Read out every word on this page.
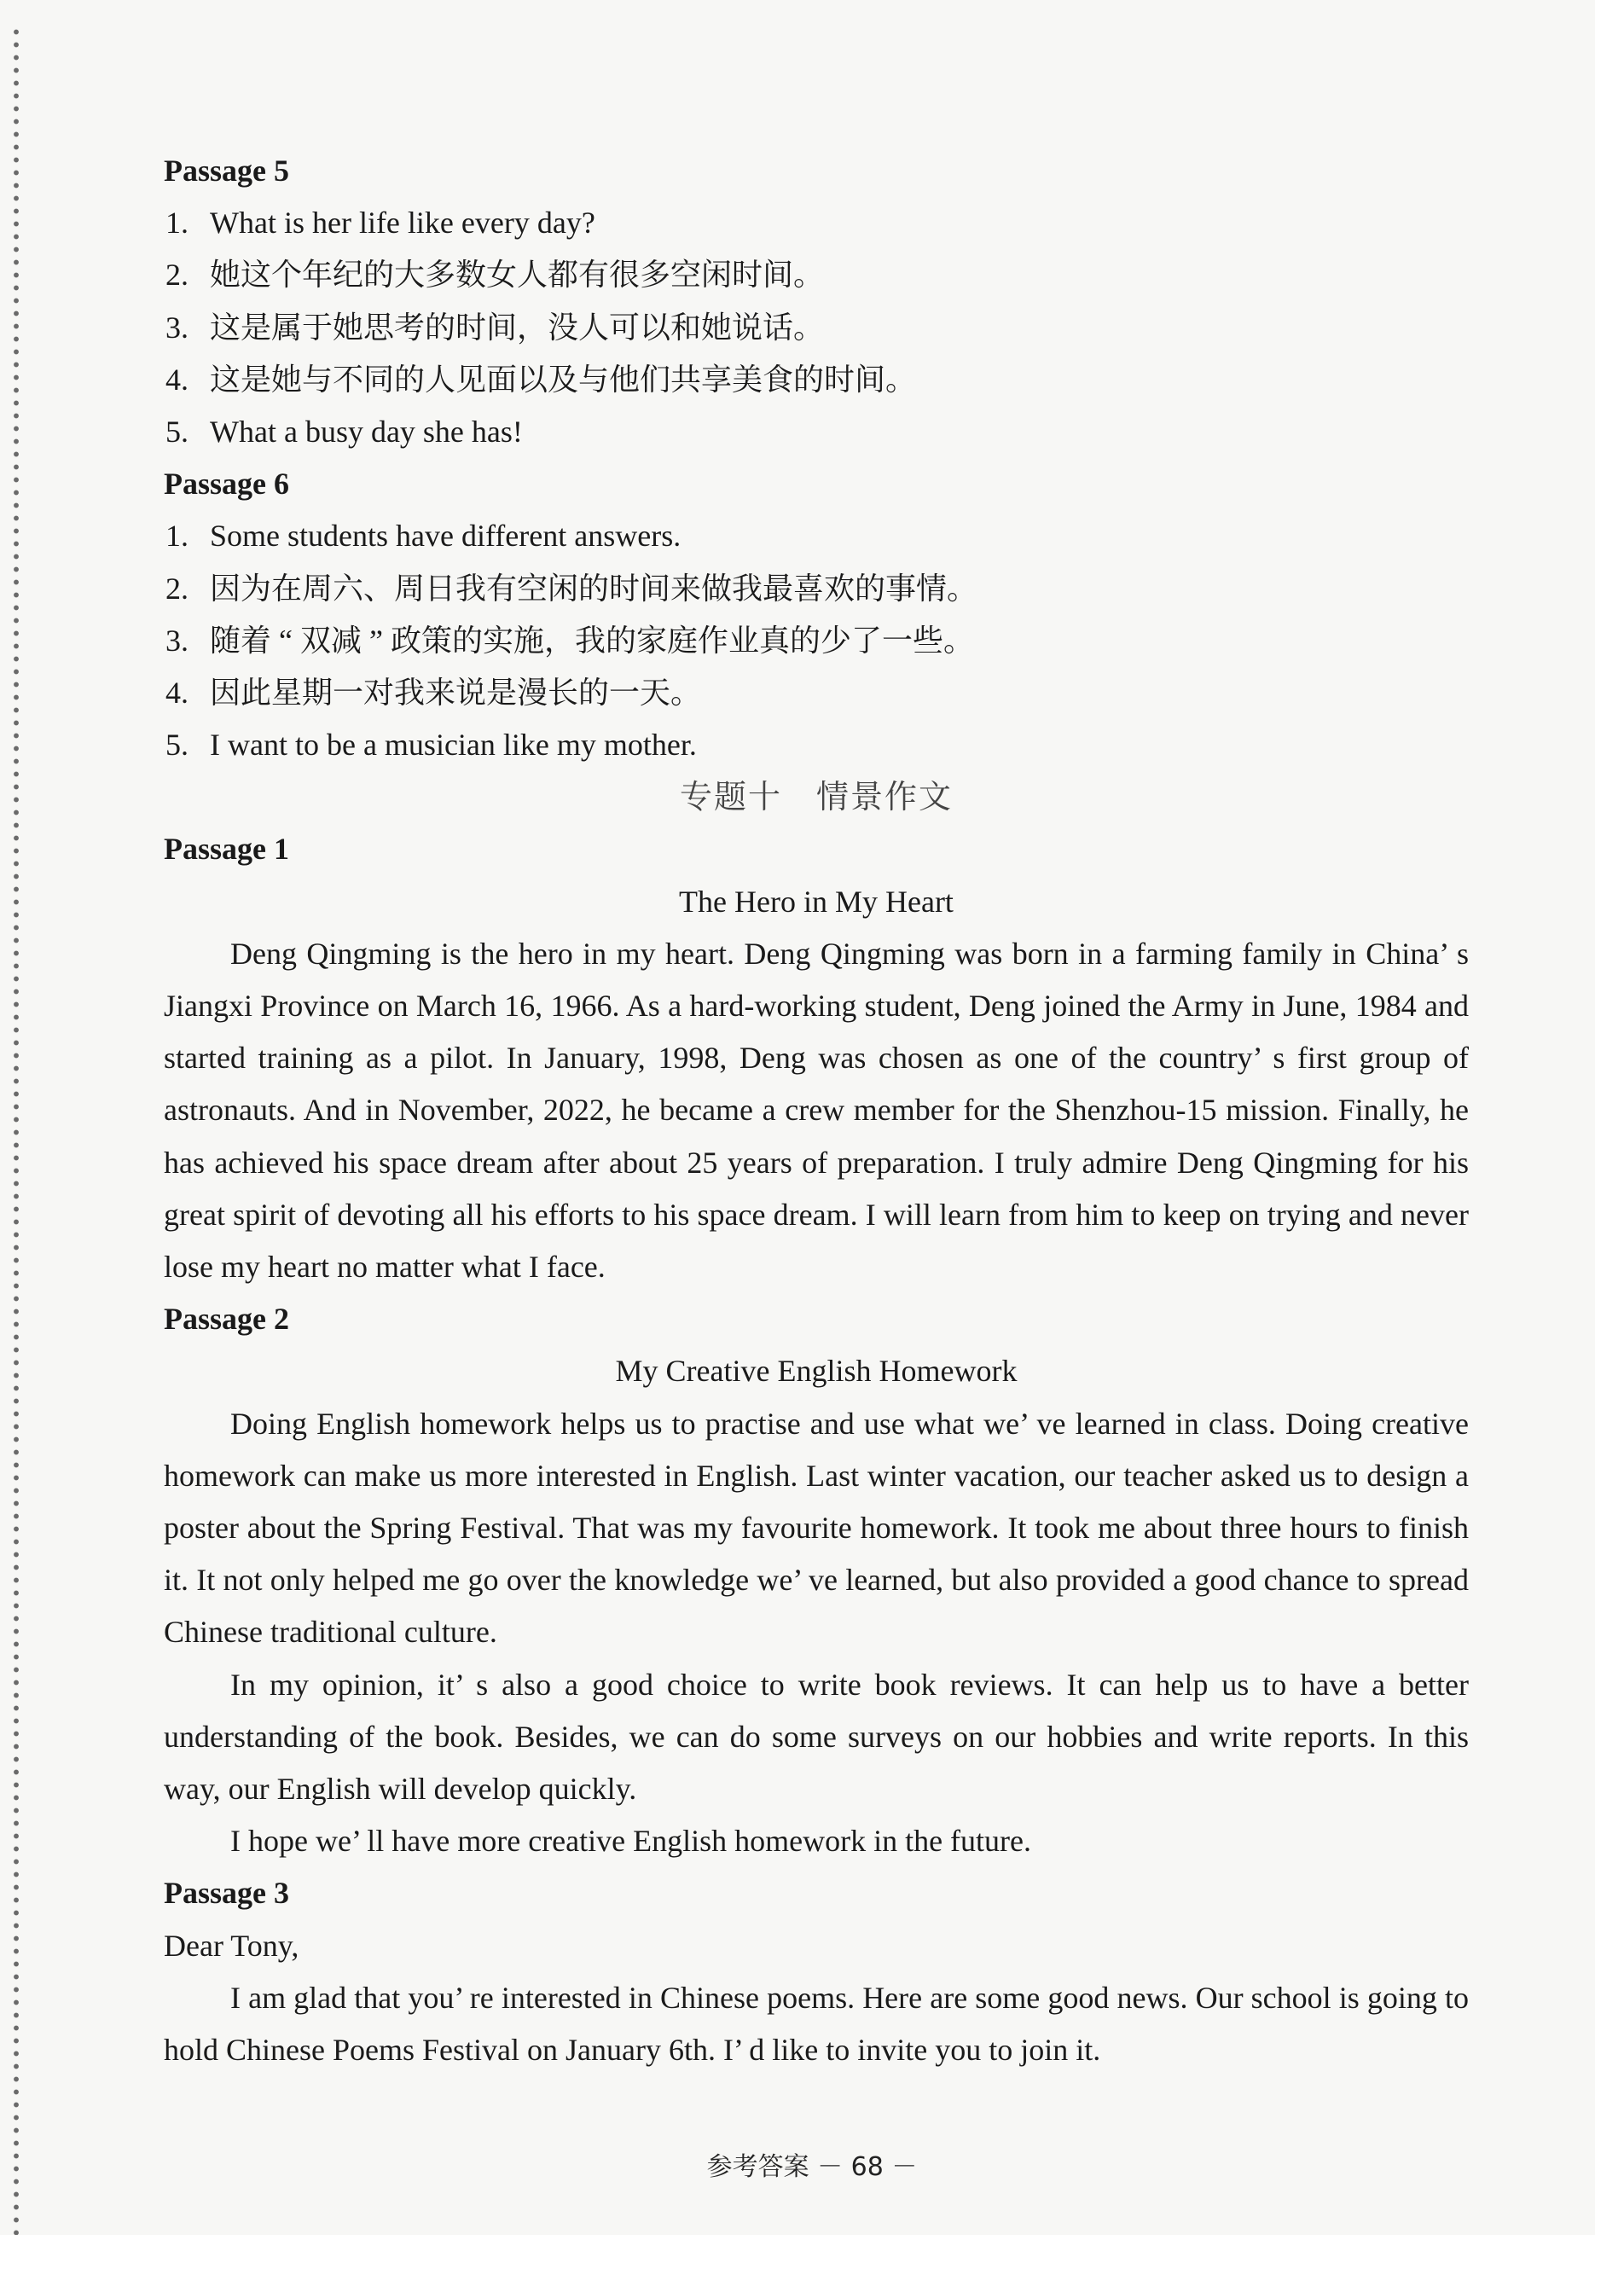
Passage 5
1. What is her life like every day?
2. 她这个年纪的大多数女人都有很多空闲时间。
3. 这是属于她思考的时间，没人可以和她说话。
4. 这是她与不同的人见面以及与他们共享美食的时间。
5. What a busy day she has!
Passage 6
1. Some students have different answers.
2. 因为在周六、周日我有空闲的时间来做我最喜欢的事情。
3. 随着 “ 双减 ” 政策的实施，我的家庭作业真的少了一些。
4. 因此星期一对我来说是漫长的一天。
5. I want to be a musician like my mother.
专题十　情景作文
Passage 1
The Hero in My Heart
Deng Qingming is the hero in my heart. Deng Qingming was born in a farming family in China’ s Jiangxi Province on March 16, 1966. As a hard-working student, Deng joined the Army in June, 1984 and started training as a pilot. In January, 1998, Deng was chosen as one of the country’ s first group of astronauts. And in November, 2022, he became a crew member for the Shenzhou-15 mission. Finally, he has achieved his space dream after about 25 years of preparation. I truly admire Deng Qingming for his great spirit of devoting all his efforts to his space dream. I will learn from him to keep on trying and never lose my heart no matter what I face.
Passage 2
My Creative English Homework
Doing English homework helps us to practise and use what we’ ve learned in class. Doing creative homework can make us more interested in English. Last winter vacation, our teacher asked us to design a poster about the Spring Festival. That was my favourite homework. It took me about three hours to finish it. It not only helped me go over the knowledge we’ ve learned, but also provided a good chance to spread Chinese traditional culture.
In my opinion, it’ s also a good choice to write book reviews. It can help us to have a better understanding of the book. Besides, we can do some surveys on our hobbies and write reports. In this way, our English will develop quickly.
I hope we’ ll have more creative English homework in the future.
Passage 3
Dear Tony,
I am glad that you’ re interested in Chinese poems. Here are some good news. Our school is going to hold Chinese Poems Festival on January 6th. I’ d like to invite you to join it.
参考答案 － 68 －
